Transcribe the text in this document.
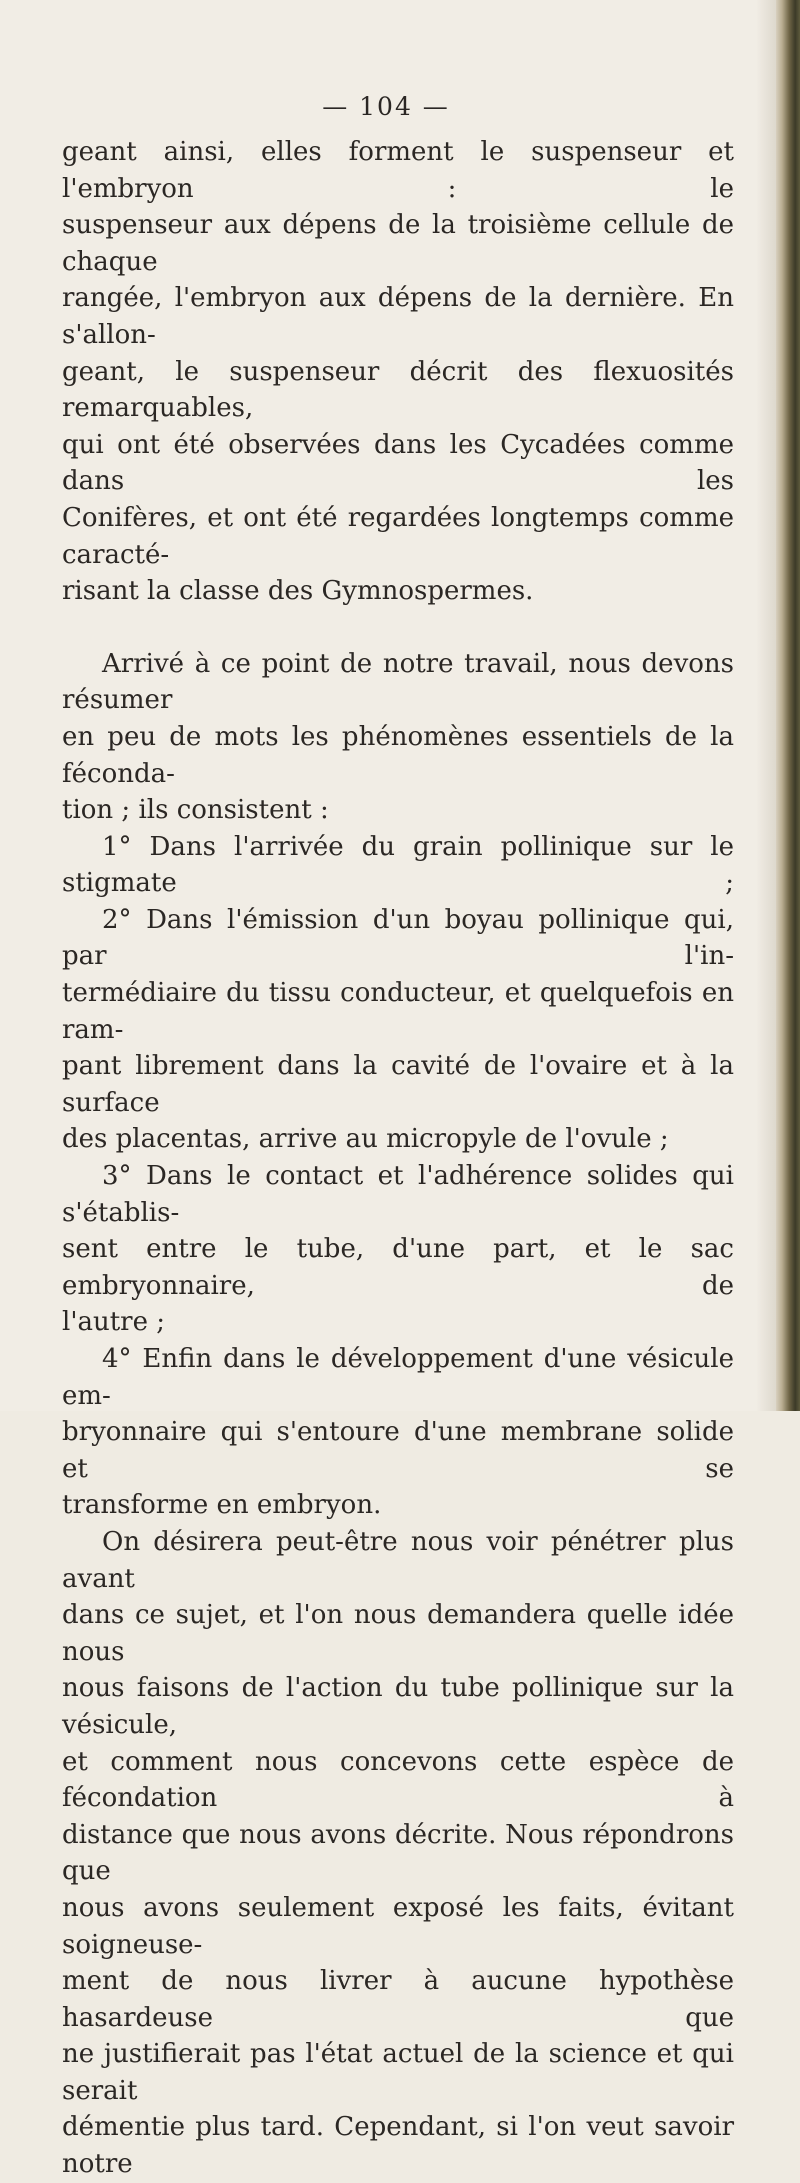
— 104 —

geant ainsi, elles forment le suspenseur et l'embryon : le

suspenseur aux dépens de la troisième cellule de chaque

rangée, l'embryon aux dépens de la dernière. En s'allon-

geant, le suspenseur décrit des flexuosités remarquables,

qui ont été observées dans les Cycadées comme dans les

Conifères, et ont été regardées longtemps comme caracté-

risant la classe des Gymnospermes.

Arrivé à ce point de notre travail, nous devons résumer

en peu de mots les phénomènes essentiels de la féconda-

tion ; ils consistent :

1° Dans l'arrivée du grain pollinique sur le stigmate ;

2° Dans l'émission d'un boyau pollinique qui, par l'in-

termédiaire du tissu conducteur, et quelquefois en ram-

pant librement dans la cavité de l'ovaire et à la surface

des placentas, arrive au micropyle de l'ovule ;

3° Dans le contact et l'adhérence solides qui s'établis-

sent entre le tube, d'une part, et le sac embryonnaire, de

l'autre ;

4° Enfin dans le développement d'une vésicule em-

bryonnaire qui s'entoure d'une membrane solide et se

transforme en embryon.

On désirera peut-être nous voir pénétrer plus avant

dans ce sujet, et l'on nous demandera quelle idée nous

nous faisons de l'action du tube pollinique sur la vésicule,

et comment nous concevons cette espèce de fécondation à

distance que nous avons décrite. Nous répondrons que

nous avons seulement exposé les faits, évitant soigneuse-

ment de nous livrer à aucune hypothèse hasardeuse que

ne justifierait pas l'état actuel de la science et qui serait

démentie plus tard. Cependant, si l'on veut savoir notre
